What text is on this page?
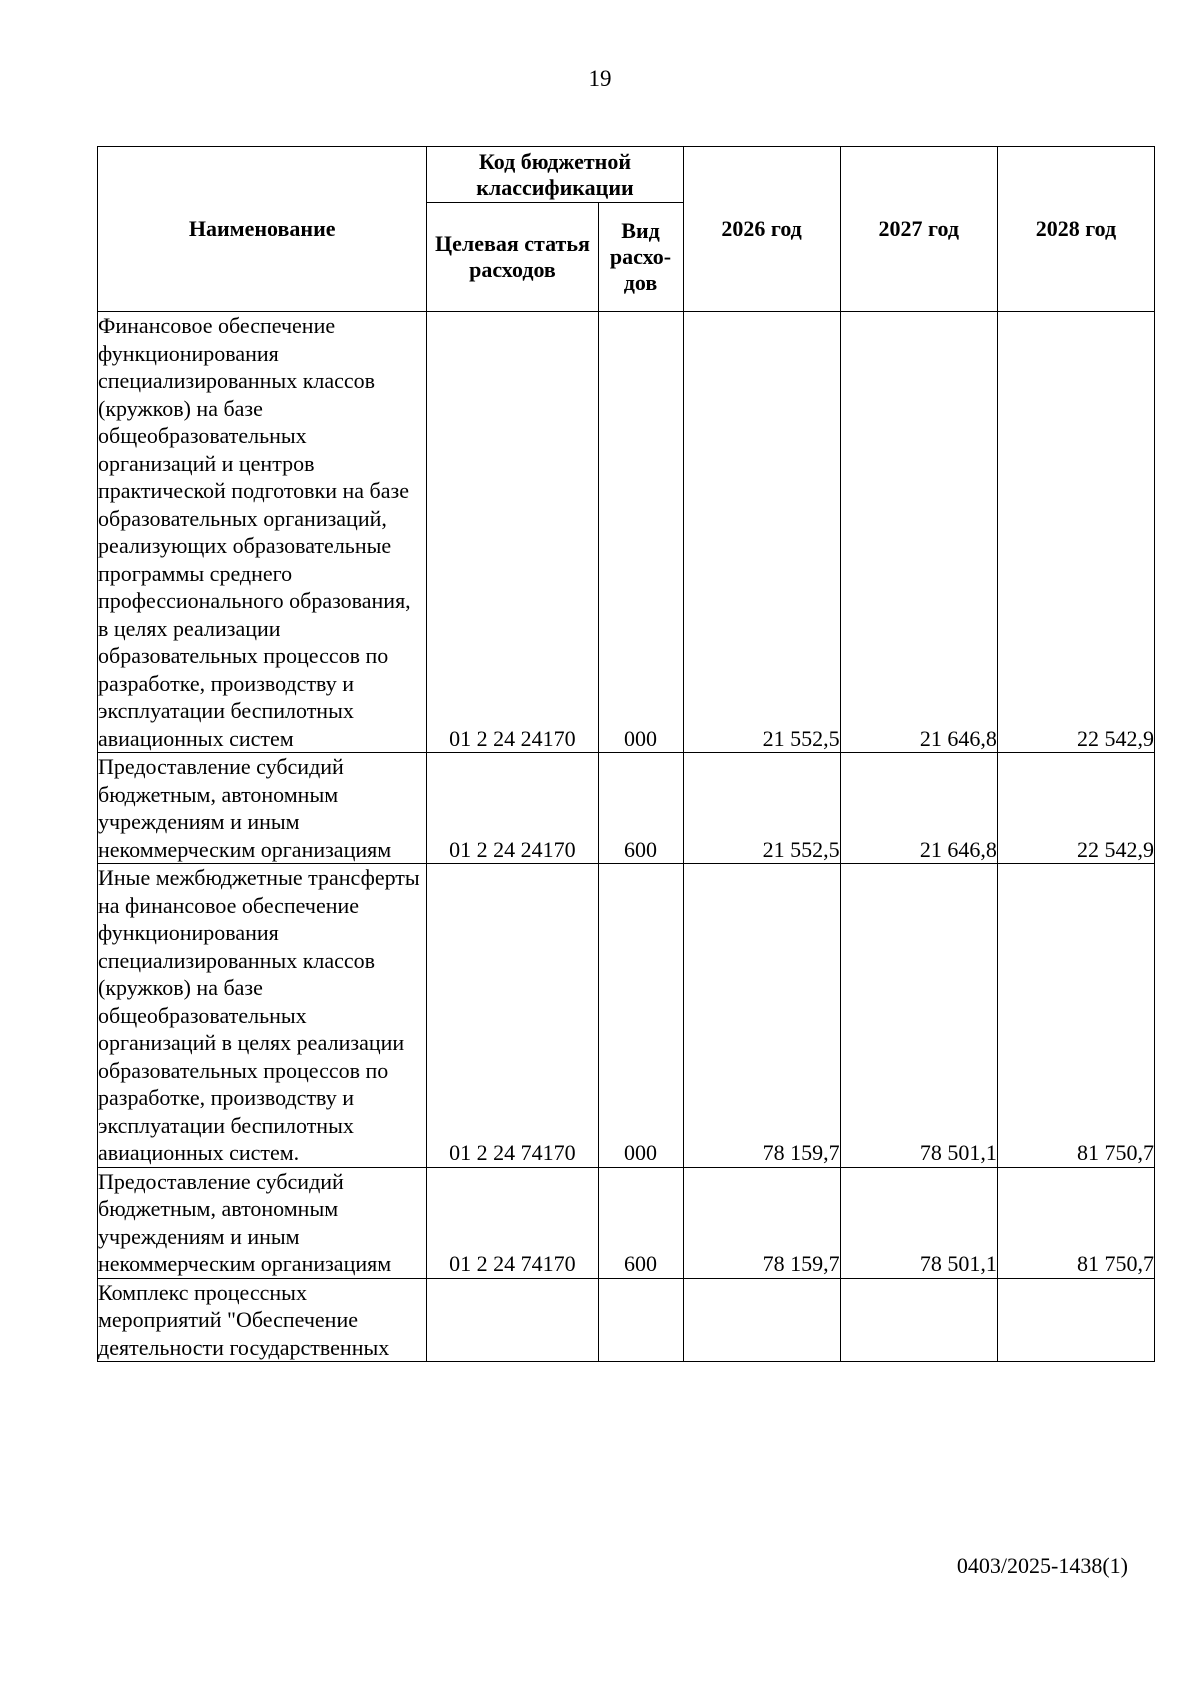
19
Наименование	Код бюджетной классификации		2026 год	2027 год	2028 год
	Целевая статья расходов	Вид расхо-дов			
Финансовое обеспечение функционирования специализированных классов (кружков) на базе общеобразовательных организаций и центров практической подготовки на базе образовательных организаций, реализующих образовательные программы среднего профессионального образования, в целях реализации образовательных процессов по разработке, производству и эксплуатации беспилотных авиационных систем	01 2 24 24170	000	21 552,5	21 646,8	22 542,9
Предоставление субсидий бюджетным, автономным учреждениям и иным некоммерческим организациям	01 2 24 24170	600	21 552,5	21 646,8	22 542,9
Иные межбюджетные трансферты на финансовое обеспечение функционирования специализированных классов (кружков) на базе общеобразовательных организаций в целях реализации образовательных процессов по разработке, производству и эксплуатации беспилотных авиационных систем.	01 2 24 74170	000	78 159,7	78 501,1	81 750,7
Предоставление субсидий бюджетным, автономным учреждениям и иным некоммерческим организациям	01 2 24 74170	600	78 159,7	78 501,1	81 750,7
Комплекс процессных мероприятий "Обеспечение деятельности государственных					
0403/2025-1438(1)
